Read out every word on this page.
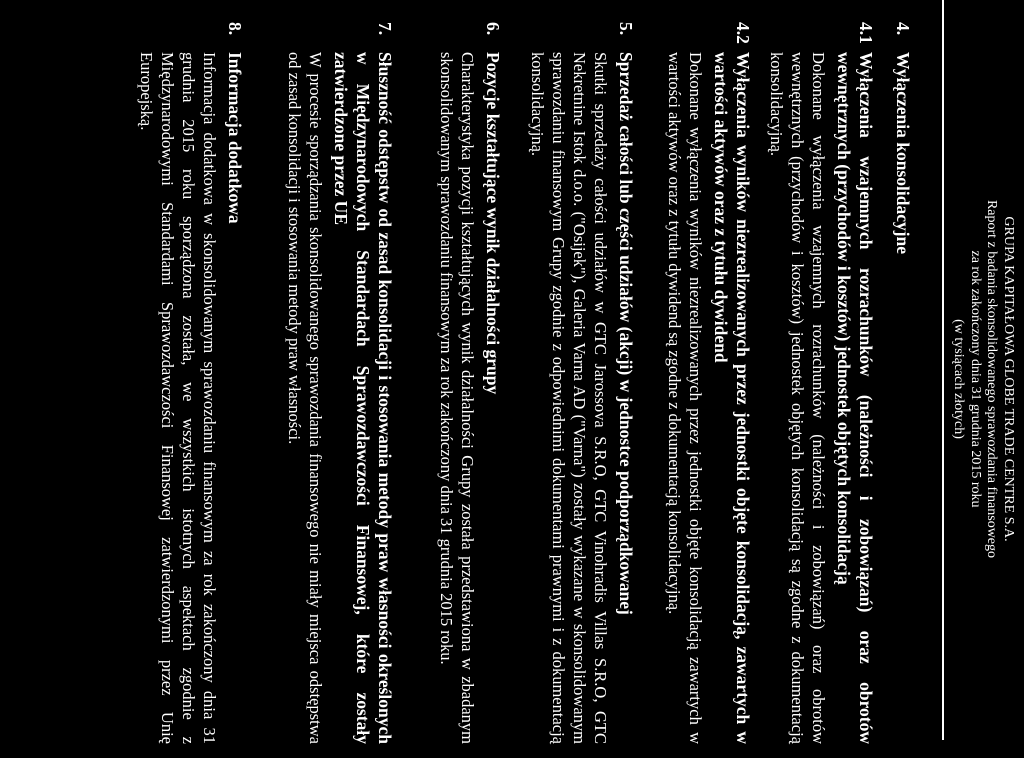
GRUPA KAPITAŁOWA GLOBE TRADE CENTRE S.A.
Raport z badania skonsolidowanego sprawozdania finansowego
za rok zakończony dnia 31 grudnia 2015 roku
(w tysiącach złotych)
4.
Wyłączenia konsolidacyjne
4.1
Wyłączenia wzajemnych rozrachunków (należności i zobowiązań) oraz obrotów wewnętrznych (przychodów i kosztów) jednostek objętych konsolidacją
Dokonane wyłączenia wzajemnych rozrachunków (należności i zobowiązań) oraz obrotów wewnętrznych (przychodów i kosztów) jednostek objętych konsolidacją są zgodne z dokumentacją konsolidacyjną.
4.2
Wyłączenia wyników niezrealizowanych przez jednostki objęte konsolidacją, zawartych w wartości aktywów oraz z tytułu dywidend
Dokonane wyłączenia wyników niezrealizowanych przez jednostki objęte konsolidacją zawartych w wartości aktywów oraz z tytułu dywidend są zgodne z dokumentacją konsolidacyjną.
5.
Sprzedaż całości lub części udziałów (akcji) w jednostce podporządkowanej
Skutki sprzedaży całości udziałów w GTC Jarossova S.R.O, GTC Vinohradis Villas S.R.O, GTC Nekretnine Istok d.o.o. ("Osijek"), Galeria Varna AD ("Varna") zostały wykazane w skonsolidowanym sprawozdaniu finansowym Grupy zgodnie z odpowiednimi dokumentami prawnymi i z dokumentacją konsolidacyjną.
6.
Pozycje kształtujące wynik działalności grupy
Charakterystyka pozycji kształtujących wynik działalności Grupy została przedstawiona w zbadanym skonsolidowanym sprawozdaniu finansowym za rok zakończony dnia 31 grudnia 2015 roku.
7.
Słuszność odstępstw od zasad konsolidacji i stosowania metody praw własności określonych w Międzynarodowych Standardach Sprawozdawczości Finansowej, które zostały zatwierdzone przez UE
W procesie sporządzania skonsolidowanego sprawozdania finansowego nie miały miejsca odstępstwa od zasad konsolidacji i stosowania metody praw własności.
8.
Informacja dodatkowa
Informacja dodatkowa w skonsolidowanym sprawozdaniu finansowym za rok zakończony dnia 31 grudnia 2015 roku sporządzona została, we wszystkich istotnych aspektach zgodnie z Międzynarodowymi Standardami Sprawozdawczości Finansowej zatwierdzonymi przez Unię Europejską.
